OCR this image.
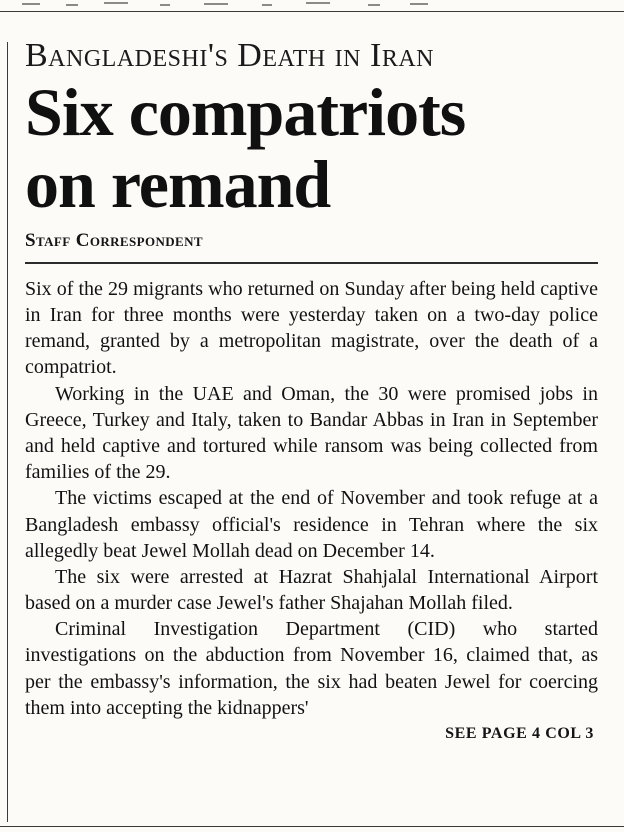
Bangladeshi's Death in Iran
Six compatriots
on remand
Staff Correspondent

Six of the 29 migrants who returned on Sunday after being held captive in Iran for three months were yesterday taken on a two-day police remand, granted by a metropolitan magistrate, over the death of a compatriot.

Working in the UAE and Oman, the 30 were promised jobs in Greece, Turkey and Italy, taken to Bandar Abbas in Iran in September and held captive and tortured while ransom was being collected from families of the 29.

The victims escaped at the end of November and took refuge at a Bangladesh embassy official's residence in Tehran where the six allegedly beat Jewel Mollah dead on December 14.

The six were arrested at Hazrat Shahjalal International Airport based on a murder case Jewel's father Shajahan Mollah filed.

Criminal Investigation Department (CID) who started investigations on the abduction from November 16, claimed that, as per the embassy's information, the six had beaten Jewel for coercing them into accepting the kidnappers'

SEE PAGE 4 COL 3
